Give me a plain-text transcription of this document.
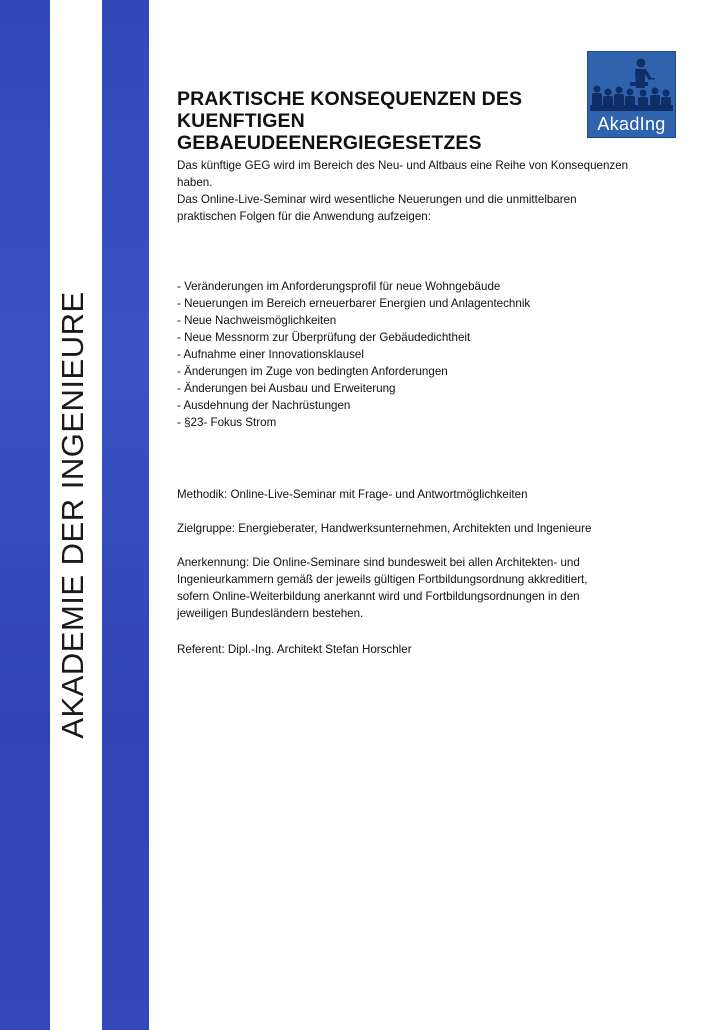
AKADEMIE DER INGENIEURE
AkadIng
PRAKTISCHE KONSEQUENZEN DES KUENFTIGEN GEBAEUDEENERGIEGESETZES

Das künftige GEG wird im Bereich des Neu- und Altbaus eine Reihe von Konsequenzen haben.

Das Online-Live-Seminar wird wesentliche Neuerungen und die unmittelbaren praktischen Folgen für die Anwendung aufzeigen:

- Veränderungen im Anforderungsprofil für neue Wohngebäude
- Neuerungen im Bereich erneuerbarer Energien und Anlagentechnik
- Neue Nachweismöglichkeiten
- Neue Messnorm zur Überprüfung der Gebäudedichtheit
- Aufnahme einer Innovationsklausel
- Änderungen im Zuge von bedingten Anforderungen
- Änderungen bei Ausbau und Erweiterung
- Ausdehnung der Nachrüstungen
- §23- Fokus Strom

Methodik: Online-Live-Seminar mit Frage- und Antwortmöglichkeiten

Zielgruppe: Energieberater, Handwerksunternehmen, Architekten und Ingenieure

Anerkennung: Die Online-Seminare sind bundesweit bei allen Architekten- und Ingenieurkammern gemäß der jeweils gültigen Fortbildungsordnung akkreditiert, sofern Online-Weiterbildung anerkannt wird und Fortbildungsordnungen in den jeweiligen Bundesländern bestehen.

Referent: Dipl.-Ing. Architekt Stefan Horschler
